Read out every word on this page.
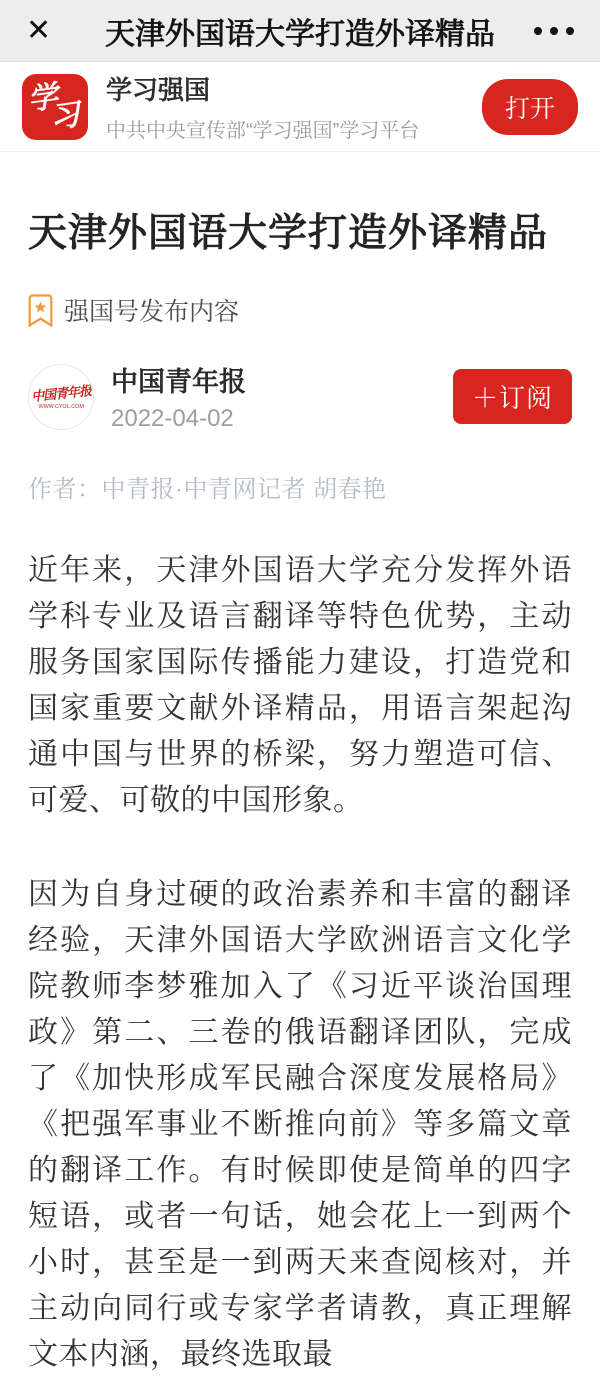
✕ 天津外国语大学打造外译精品
学
习
学习强国
中共中央宣传部“学习强国”学习平台
打开
天津外国语大学打造外译精品
强国号发布内容
中国青年报
WWW.CYOL.COM
中国青年报
2022-04-02
＋订阅
作者：中青报·中青网记者 胡春艳

近年来，天津外国语大学充分发挥外语学科专业及语言翻译等特色优势，主动服务国家国际传播能力建设，打造党和国家重要文献外译精品，用语言架起沟通中国与世界的桥梁，努力塑造可信、可爱、可敬的中国形象。

因为自身过硬的政治素养和丰富的翻译经验，天津外国语大学欧洲语言文化学院教师李梦雅加入了《习近平谈治国理政》第二、三卷的俄语翻译团队，完成了《加快形成军民融合深度发展格局》《把强军事业不断推向前》等多篇文章的翻译工作。有时候即使是简单的四字短语，或者一句话，她会花上一到两个小时，甚至是一到两天来查阅核对，并主动向同行或专家学者请教，真正理解文本内涵，最终选取最
